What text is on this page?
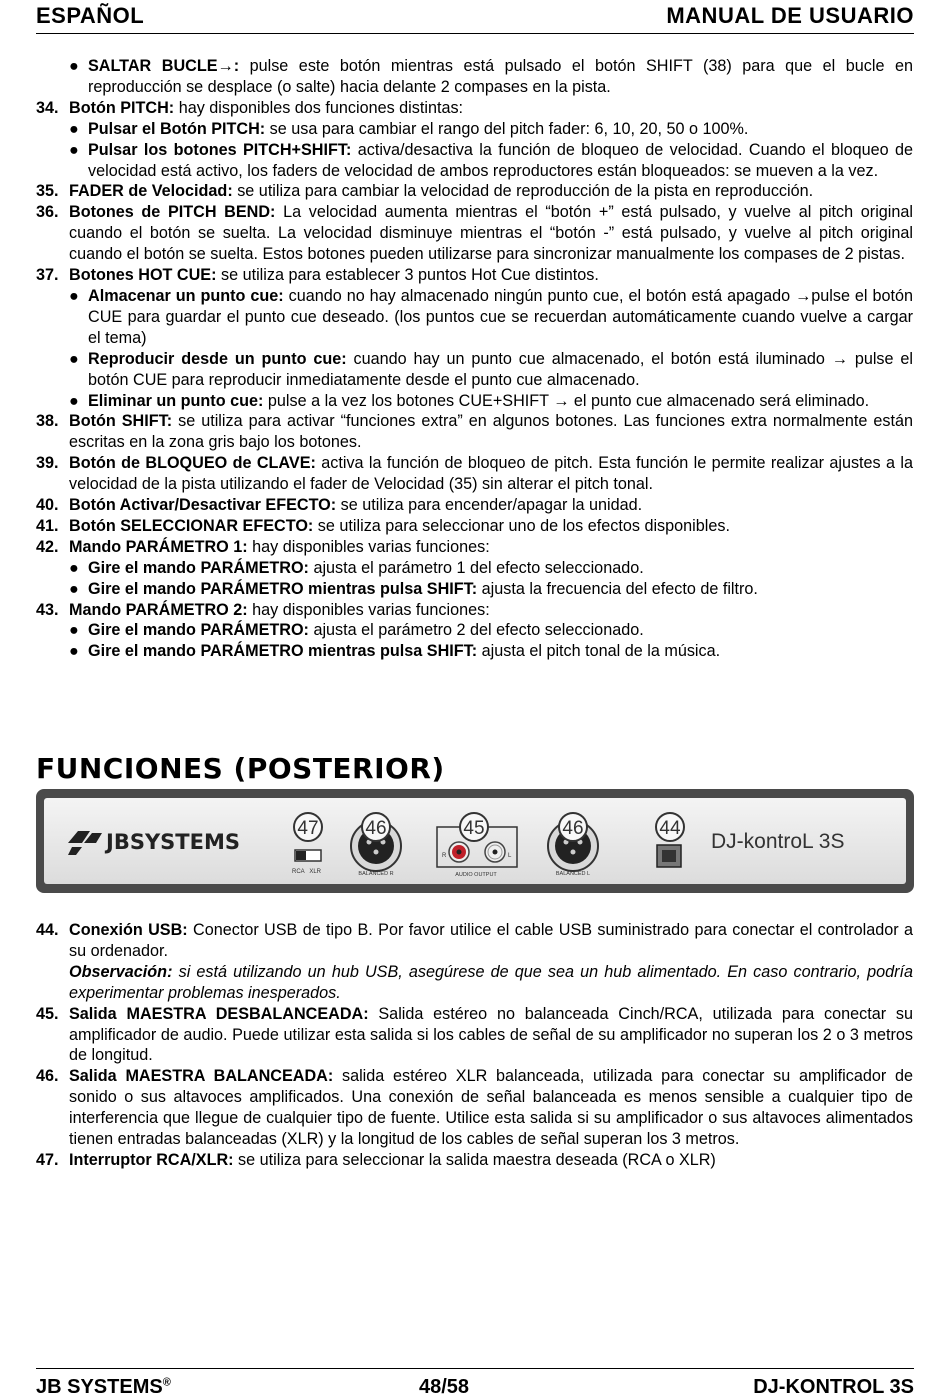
ESPAÑOL	MANUAL DE USUARIO
● SALTAR BUCLE→: pulse este botón mientras está pulsado el botón SHIFT (38) para que el bucle en reproducción se desplace (o salte) hacia delante 2 compases en la pista.
34. Botón PITCH: hay disponibles dos funciones distintas:
● Pulsar el Botón PITCH: se usa para cambiar el rango del pitch fader: 6, 10, 20, 50 o 100%.
● Pulsar los botones PITCH+SHIFT: activa/desactiva la función de bloqueo de velocidad. Cuando el bloqueo de velocidad está activo, los faders de velocidad de ambos reproductores están bloqueados: se mueven a la vez.
35. FADER de Velocidad: se utiliza para cambiar la velocidad de reproducción de la pista en reproducción.
36. Botones de PITCH BEND: La velocidad aumenta mientras el “botón +” está pulsado, y vuelve al pitch original cuando el botón se suelta. La velocidad disminuye mientras el “botón -” está pulsado, y vuelve al pitch original cuando el botón se suelta. Estos botones pueden utilizarse para sincronizar manualmente los compases de 2 pistas.
37. Botones HOT CUE: se utiliza para establecer 3 puntos Hot Cue distintos.
● Almacenar un punto cue: cuando no hay almacenado ningún punto cue, el botón está apagado →pulse el botón CUE para guardar el punto cue deseado. (los puntos cue se recuerdan automáticamente cuando vuelve a cargar el tema)
● Reproducir desde un punto cue: cuando hay un punto cue almacenado, el botón está iluminado → pulse el botón CUE para reproducir inmediatamente desde el punto cue almacenado.
● Eliminar un punto cue: pulse a la vez los botones CUE+SHIFT → el punto cue almacenado será eliminado.
38. Botón SHIFT: se utiliza para activar “funciones extra” en algunos botones. Las funciones extra normalmente están escritas en la zona gris bajo los botones.
39. Botón de BLOQUEO de CLAVE: activa la función de bloqueo de pitch. Esta función le permite realizar ajustes a la velocidad de la pista utilizando el fader de Velocidad (35) sin alterar el pitch tonal.
40. Botón Activar/Desactivar EFECTO: se utiliza para encender/apagar la unidad.
41. Botón SELECCIONAR EFECTO: se utiliza para seleccionar uno de los efectos disponibles.
42. Mando PARÁMETRO 1: hay disponibles varias funciones:
● Gire el mando PARÁMETRO: ajusta el parámetro 1 del efecto seleccionado.
● Gire el mando PARÁMETRO mientras pulsa SHIFT: ajusta la frecuencia del efecto de filtro.
43. Mando PARÁMETRO 2: hay disponibles varias funciones:
● Gire el mando PARÁMETRO: ajusta el parámetro 2 del efecto seleccionado.
● Gire el mando PARÁMETRO mientras pulsa SHIFT: ajusta el pitch tonal de la música.
FUNCIONES (POSTERIOR)
JBSYSTEMS
47
RCA   XLR
46
BALANCED R
R	L
45
AUDIO OUTPUT
46
BALANCED L
44
DJ-kontroL 3S
44. Conexión USB: Conector USB de tipo B. Por favor utilice el cable USB suministrado para conectar el controlador a su ordenador.
Observación: si está utilizando un hub USB, asegúrese de que sea un hub alimentado. En caso contrario, podría experimentar problemas inesperados.
45. Salida MAESTRA DESBALANCEADA: Salida estéreo no balanceada Cinch/RCA, utilizada para conectar su amplificador de audio. Puede utilizar esta salida si los cables de señal de su amplificador no superan los 2 o 3 metros de longitud.
46. Salida MAESTRA BALANCEADA: salida estéreo XLR balanceada, utilizada para conectar su amplificador de sonido o sus altavoces amplificados. Una conexión de señal balanceada es menos sensible a cualquier tipo de interferencia que llegue de cualquier tipo de fuente. Utilice esta salida si su amplificador o sus altavoces alimentados tienen entradas balanceadas (XLR) y la longitud de los cables de señal superan los 3 metros.
47. Interruptor RCA/XLR: se utiliza para seleccionar la salida maestra deseada (RCA o XLR)
JB SYSTEMS®	48/58	DJ-KONTROL 3S
